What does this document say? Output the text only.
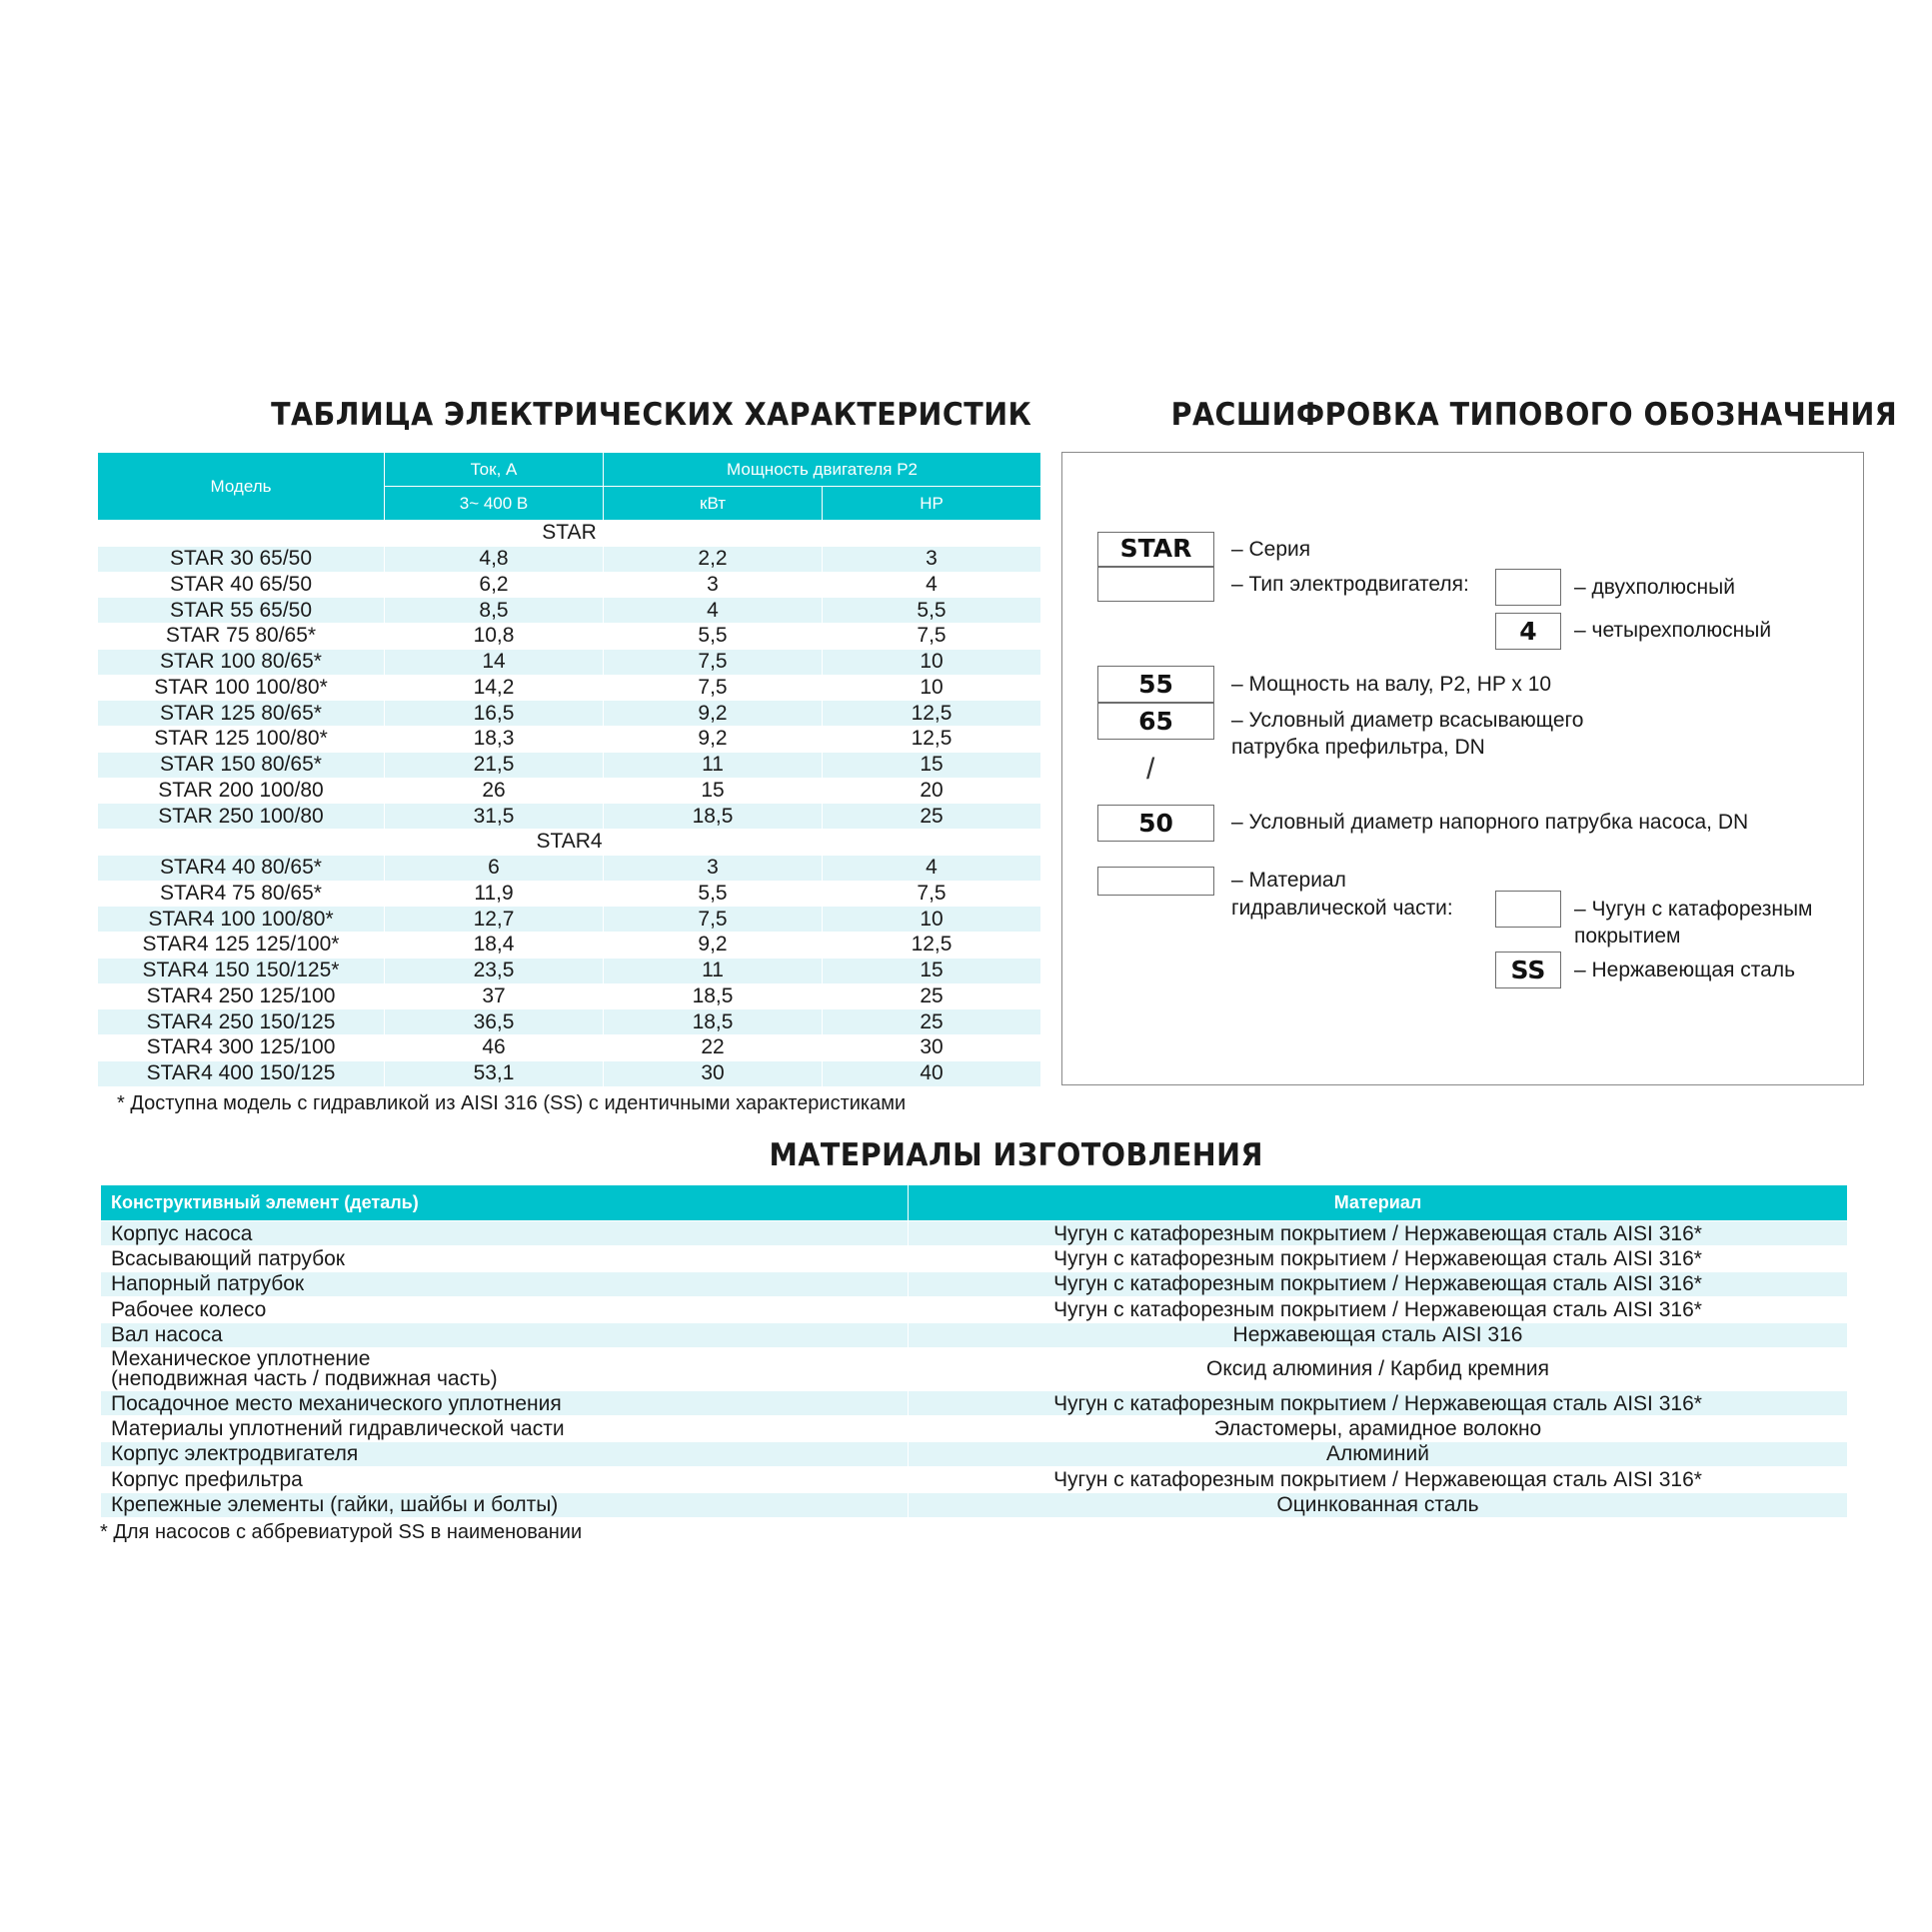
ТАБЛИЦА ЭЛЕКТРИЧЕСКИХ ХАРАКТЕРИСТИК	РАСШИФРОВКА ТИПОВОГО ОБОЗНАЧЕНИЯ
Модель	Ток, А	Мощность двигателя Р2	
	3~ 400 В	кВт	HP
STAR			
STAR 30 65/50	4,8	2,2	3
STAR 40 65/50	6,2	3	4
STAR 55 65/50	8,5	4	5,5
STAR 75 80/65*	10,8	5,5	7,5
STAR 100 80/65*	14	7,5	10
STAR 100 100/80*	14,2	7,5	10
STAR 125 80/65*	16,5	9,2	12,5
STAR 125 100/80*	18,3	9,2	12,5
STAR 150 80/65*	21,5	11	15
STAR 200 100/80	26	15	20
STAR 250 100/80	31,5	18,5	25
STAR4			
STAR4 40 80/65*	6	3	4
STAR4 75 80/65*	11,9	5,5	7,5
STAR4 100 100/80*	12,7	7,5	10
STAR4 125 125/100*	18,4	9,2	12,5
STAR4 150 150/125*	23,5	11	15
STAR4 250 125/100	37	18,5	25
STAR4 250 150/125	36,5	18,5	25
STAR4 300 125/100	46	22	30
STAR4 400 150/125	53,1	30	40
* Доступна модель с гидравликой из AISI 316 (SS) с идентичными характеристиками
STAR	– Серия
– Тип электродвигателя:	– двухполюсный
4	– четырехполюсный
55	– Мощность на валу, Р2, HP х 10
65	– Условный диаметр всасывающего
патрубка префильтра, DN
/
50	– Условный диаметр напорного патрубка насоса, DN
– Материал
гидравлической части:	– Чугун с катафорезным
покрытием
SS	– Нержавеющая сталь
МАТЕРИАЛЫ ИЗГОТОВЛЕНИЯ
Конструктивный элемент (деталь)	Материал

Корпус насоса	Чугун с катафорезным покрытием / Нержавеющая сталь AISI 316*

Всасывающий патрубок	Чугун с катафорезным покрытием / Нержавеющая сталь AISI 316*

Напорный патрубок	Чугун с катафорезным покрытием / Нержавеющая сталь AISI 316*

Рабочее колесо	Чугун с катафорезным покрытием / Нержавеющая сталь AISI 316*

Вал насоса	Нержавеющая сталь AISI 316

Механическое уплотнение
(неподвижная часть / подвижная часть)	Оксид алюминия / Карбид кремния

Посадочное место механического уплотнения	Чугун с катафорезным покрытием / Нержавеющая сталь AISI 316*

Материалы уплотнений гидравлической части	Эластомеры, арамидное волокно

Корпус электродвигателя	Алюминий

Корпус префильтра	Чугун с катафорезным покрытием / Нержавеющая сталь AISI 316*

Крепежные элементы (гайки, шайбы и болты)	Оцинкованная сталь
* Для насосов с аббревиатурой SS в наименовании
